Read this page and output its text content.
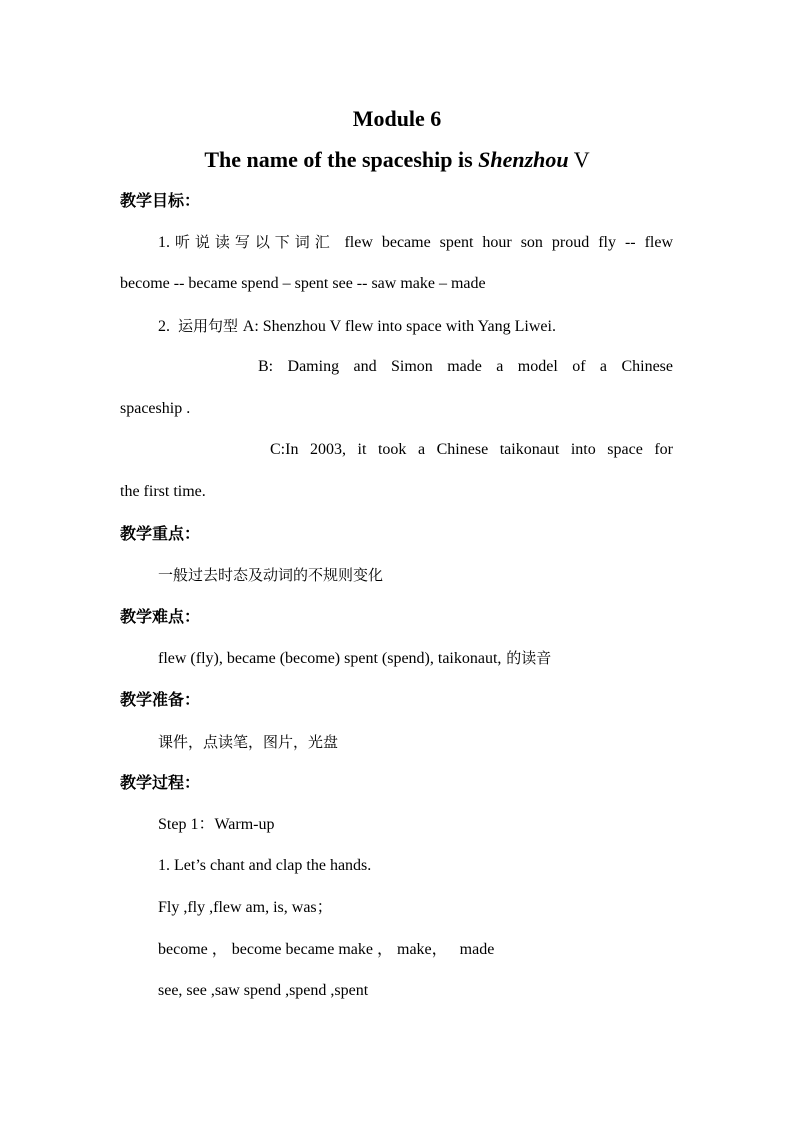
Module 6
The name of the spaceship is Shenzhou V
教学目标：
1.听说读写以下词汇 flew became spent hour son proud fly -- flew
become -- became spend – spent see -- saw make – made
2. 运用句型 A: Shenzhou V flew into space with Yang Liwei.
B: Daming and Simon made a model of a Chinese
spaceship .
C:In 2003, it took a Chinese taikonaut into space for
the first time.
教学重点：
一般过去时态及动词的不规则变化
教学难点：
flew (fly), became (become) spent (spend), taikonaut, 的读音
教学准备：
课件，点读笔，图片，光盘
教学过程：
Step 1：Warm-up
1. Let’s chant and clap the hands.
Fly ,fly ,flew am, is, was；
become ， become became make ， make，   made
see, see ,saw spend ,spend ,spent
